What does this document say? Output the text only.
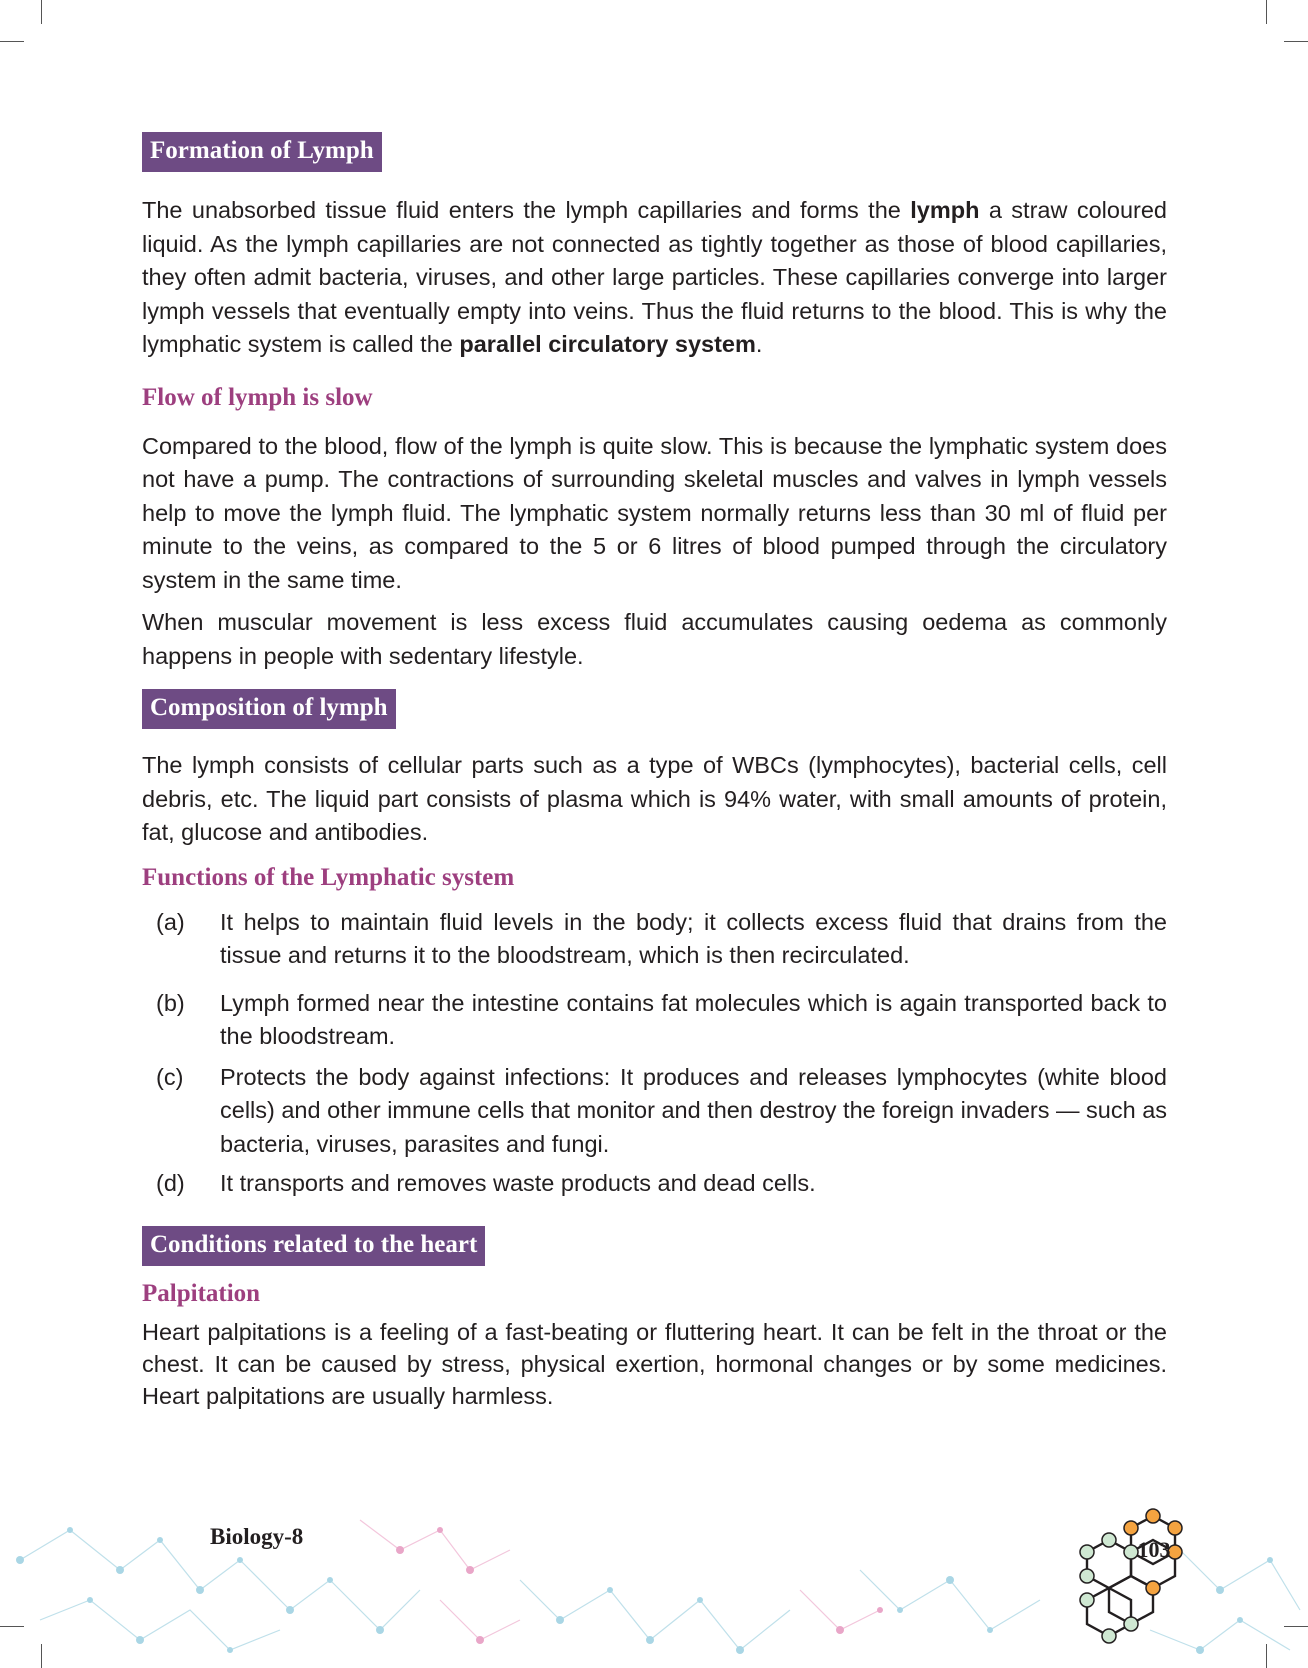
Formation of Lymph

The unabsorbed tissue fluid enters the lymph capillaries and forms the lymph a straw coloured liquid. As the lymph capillaries are not connected as tightly together as those of blood capillaries, they often admit bacteria, viruses, and other large particles. These capillaries converge into larger lymph vessels that eventually empty into veins. Thus the fluid returns to the blood. This is why the lymphatic system is called the parallel circulatory system.

Flow of lymph is slow

Compared to the blood, flow of the lymph is quite slow. This is because the lymphatic system does not have a pump. The contractions of surrounding skeletal muscles and valves in lymph vessels help to move the lymph fluid. The lymphatic system normally returns less than 30 ml of fluid per minute to the veins, as compared to the 5 or 6 litres of blood pumped through the circulatory system in the same time.

When muscular movement is less excess fluid accumulates causing oedema as commonly happens in people with sedentary lifestyle.

Composition of lymph

The lymph consists of cellular parts such as a type of WBCs (lymphocytes), bacterial cells, cell debris, etc. The liquid part consists of plasma which is 94% water, with small amounts of protein, fat, glucose and antibodies.

Functions of the Lymphatic system
(a)	It helps to maintain fluid levels in the body; it collects excess fluid that drains from the tissue and returns it to the bloodstream, which is then recirculated.
(b)	Lymph formed near the intestine contains fat molecules which is again transported back to the bloodstream.
(c)	Protects the body against infections: It produces and releases lymphocytes (white blood cells) and other immune cells that monitor and then destroy the foreign invaders — such as bacteria, viruses, parasites and fungi.
(d)	It transports and removes waste products and dead cells.
Conditions related to the heart
Palpitation

Heart palpitations is a feeling of a fast-beating or fluttering heart. It can be felt in the throat or the chest. It can be caused by stress, physical exertion, hormonal changes or by some medicines. Heart palpitations are usually harmless.

Biology-8
103
